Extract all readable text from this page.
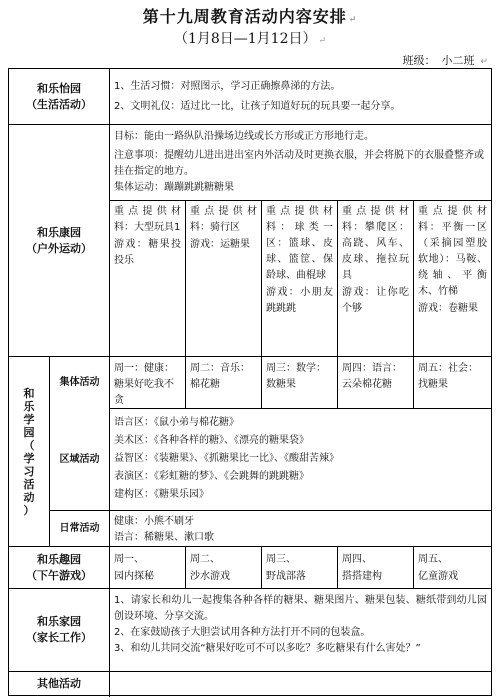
第十九周教育活动内容安排 ↵
（1月8日—1月12日） ↵
班级： 小二班 ↵
和乐怡园
（生活活动）

1、生活习惯：对照图示，学习正确擦鼻涕的方法。

2、文明礼仪：适过比一比，让孩子知道好玩的玩具要一起分享。

和乐康园
（户外运动）

目标：能由一路纵队沿操场边线或长方形或正方形地行走。

注意事项：提醒幼儿进出进出室内外活动及时更换衣服，并会将脱下的衣服叠整齐或挂在指定的地方。

集体运动：蹦蹦跳跳糖糖果

重点提供材料：大型玩具1

游戏：糖果投投乐

重点提供材料：骑行区

游戏：运糖果

重点提供材料：球类一区：篮球、皮球、篮筐、保龄球、曲棍球

游戏：小朋友跳跳跳

重点提供材料：攀爬区：高跷、风车、皮球、拖拉玩具

游戏：让你吃个够

重点提供材料：平衡一区（采摘园塑胶软地）：马鞍、绕轴、平衡木、竹梯

游戏：卷糖果

和
乐
学
园
（
学
习
活
动
）
集体活动
周一：健康：糖果好吃我不贪
周二：音乐：棉花糖
周三：数学：数糖果
周四：语言：云朵棉花糖
周五：社会：找糖果
区域活动

语言区：《鼠小弟与棉花糖》

美术区：《各种各样的糖》、《漂亮的糖果袋》

益智区：《装糖果》、《抓糖果比一比》、《酸甜苦辣》

表演区：《彩虹糖的梦》、《会跳舞的跳跳糖》

建构区：《糖果乐园》

日常活动

健康：小熊不刷牙

语言：稀糖果、漱口歌

和乐趣园
（下午游戏）

周一、

园内探秘

周二、

沙水游戏

周三、

野战部落

周四、

搭搭建构

周五、

亿童游戏

和乐家园
（家长工作）

1、请家长和幼儿一起搜集各种各样的糖果、糖果图片、糖果包装、糖纸带到幼儿园创设环境、分享交流。

2、在家鼓励孩子大胆尝试用各种方法打开不同的包装盒。

3、和幼儿共同交流“糖果好吃可不可以多吃？多吃糖果有什么害处？”

其他活动
